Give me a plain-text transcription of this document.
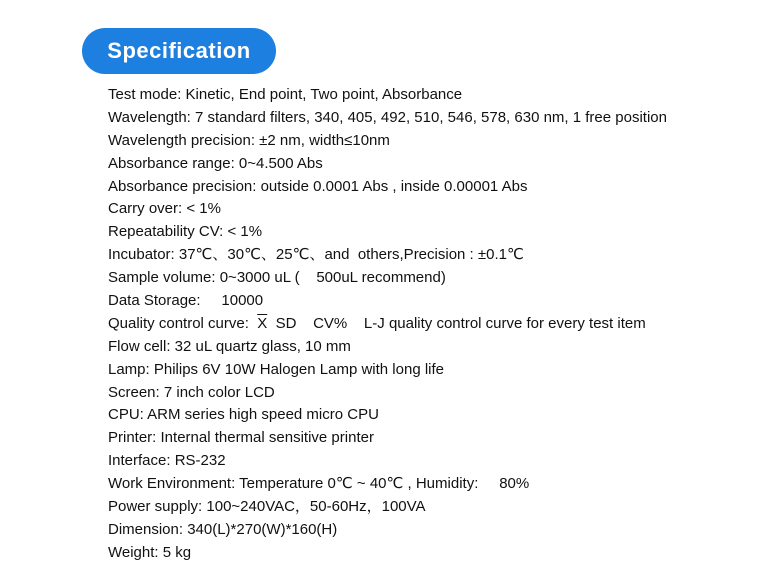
Specification
Test mode: Kinetic, End point, Two point, Absorbance
Wavelength: 7 standard filters, 340, 405, 492, 510, 546, 578, 630 nm, 1 free position
Wavelength precision: ±2 nm, width≤10nm
Absorbance range: 0~4.500 Abs
Absorbance precision: outside 0.0001 Abs , inside 0.00001 Abs
Carry over: < 1%
Repeatability CV: < 1%
Incubator: 37℃、30℃、25℃、and  others,Precision : ±0.1℃
Sample volume: 0~3000 uL (    500uL recommend)
Data Storage:     10000
Quality control curve:  $\overline{X}$  SD    CV%    L-J quality control curve for every test item
Flow cell: 32 uL quartz glass, 10 mm
Lamp: Philips 6V 10W Halogen Lamp with long life
Screen: 7 inch color LCD
CPU: ARM series high speed micro CPU
Printer: Internal thermal sensitive printer
Interface: RS-232
Work Environment: Temperature 0℃ ~ 40℃ , Humidity:     80%
Power supply: 100~240VAC，50-60Hz，100VA
Dimension: 340(L)*270(W)*160(H)
Weight: 5 kg
